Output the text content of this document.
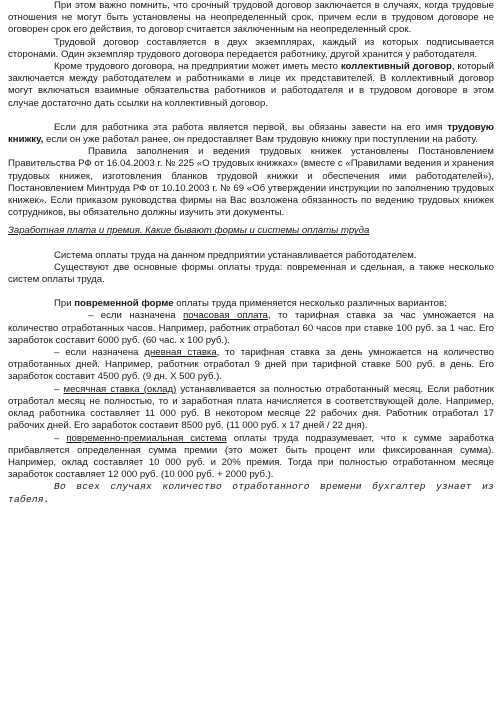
При этом важно помнить, что срочный трудовой договор заключается в случаях, когда трудовые отношения не могут быть установлены на неопределенный срок, причем если в трудовом договоре не оговорен срок его действия, то договор считается заключенным на неопределенный срок.

Трудовой договор составляется в двух экземплярах, каждый из которых подписывается сторонами. Один экземпляр трудового договора передается работнику, другой хранится у работодателя.

Кроме трудового договора, на предприятии может иметь место коллективный договор, который заключается между работодателем и работниками в лице их представителей. В коллективный договор могут включаться взаимные обязательства работников и работодателя и в трудовом договоре в этом случае достаточно дать ссылки на коллективный договор.

Если для работника эта работа является первой, вы обязаны завести на его имя трудовую книжку, если он уже работал ранее, он предоставляет Вам трудовую книжку при поступлении на работу.

Правила заполнения и ведения трудовых книжек установлены Постановлением Правительства РФ от 16.04.2003 г. № 225 «О трудовых книжках» (вместе с «Правилами ведения и хранения трудовых книжек, изготовления бланков трудовой книжки и обеспечения ими работодателей»), Постановлением Минтруда РФ от 10.10.2003 г. № 69 «Об утверждении инструкции по заполнению трудовых книжек». Если приказом руководства фирмы на Вас возложена обязанность по ведению трудовых книжек сотрудников, вы обязательно должны изучить эти документы.

Заработная плата и премия. Какие бывают формы и системы оплаты труда

Система оплаты труда на данном предприятии устанавливается работодателем.

Существуют две основные формы оплаты труда: повременная и сдельная, а также несколько систем оплаты труда.

При повременной форме оплаты труда применяется несколько различных вариантов:

– если назначена почасовая оплата, то тарифная ставка за час умножается на количество отработанных часов. Например, работник отработал 60 часов при ставке 100 руб. за 1 час. Его заработок составит 6000 руб. (60 час. х 100 руб.).

– если назначена дневная ставка, то тарифная ставка за день умножается на количество отработанных дней. Например, работник отработал 9 дней при тарифной ставке 500 руб. в день. Его заработок составит 4500 руб. (9 дн. Х 500 руб.).

– месячная ставка (оклад) устанавливается за полностью отработанный месяц. Если работник отработал месяц не полностью, то и заработная плата начисляется в соответствующей доле. Например, оклад работника составляет 11 000 руб. В некотором месяце 22 рабочих дня. Работник отработал 17 рабочих дней. Его заработок составит 8500 руб. (11 000 руб. х 17 дней / 22 дня).

– повременно-премиальная система оплаты труда подразумевает, что к сумме заработка прибавляется определенная сумма премии (это может быть процент или фиксированная сумма). Например, оклад составляет 10 000 руб. и 20% премия. Тогда при полностью отработанном месяце заработок составляет 12 000 руб. (10 000 руб. + 2000 руб.).

Во всех случаях количество отработанного времени бухгалтер узнает из табеля.
